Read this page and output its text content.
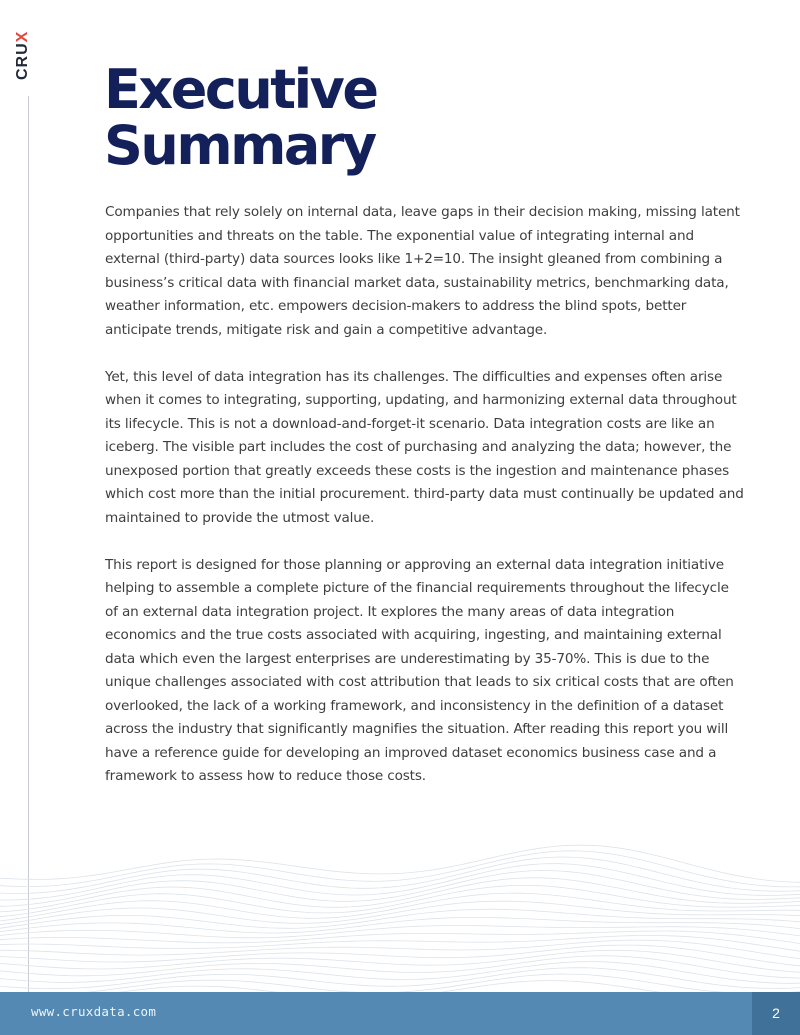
CRUX
Executive
Summary

Companies that rely solely on internal data, leave gaps in their decision making, missing latent opportunities and threats on the table. The exponential value of integrating internal and external (third-party) data sources looks like 1+2=10. The insight gleaned from combining a business’s critical data with financial market data, sustainability metrics, benchmarking data, weather information, etc. empowers decision-makers to address the blind spots, better anticipate trends, mitigate risk and gain a competitive advantage.

Yet, this level of data integration has its challenges. The difficulties and expenses often arise when it comes to integrating, supporting, updating, and harmonizing external data throughout its lifecycle. This is not a download-and-forget-it scenario. Data integration costs are like an iceberg. The visible part includes the cost of purchasing and analyzing the data; however, the unexposed portion that greatly exceeds these costs is the ingestion and maintenance phases which cost more than the initial procurement. third-party data must continually be updated and maintained to provide the utmost value.

This report is designed for those planning or approving an external data integration initiative helping to assemble a complete picture of the financial requirements throughout the lifecycle of an external data integration project. It explores the many areas of data integration economics and the true costs associated with acquiring, ingesting, and maintaining external data which even the largest enterprises are underestimating by 35-70%. This is due to the unique challenges associated with cost attribution that leads to six critical costs that are often overlooked, the lack of a working framework, and inconsistency in the definition of a dataset across the industry that significantly magnifies the situation. After reading this report you will have a reference guide for developing an improved dataset economics business case and a framework to assess how to reduce those costs.

www.cruxdata.com	2
